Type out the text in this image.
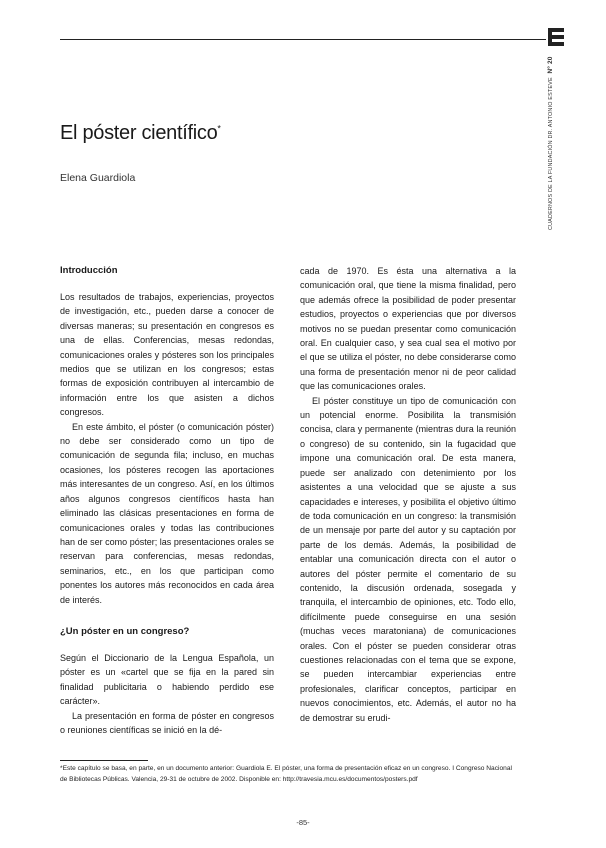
CUADERNOS DE LA FUNDACIÓN DR. ANTONIO ESTEVE Nº 20
El póster científico*
Elena Guardiola
Introducción

Los resultados de trabajos, experiencias, proyectos de investigación, etc., pueden darse a conocer de diversas maneras; su presentación en congresos es una de ellas. Conferencias, mesas redondas, comunicaciones orales y pósteres son los principales medios que se utilizan en los congresos; estas formas de exposición contribuyen al intercambio de información entre los que asisten a dichos congresos.

En este ámbito, el póster (o comunicación póster) no debe ser considerado como un tipo de comunicación de segunda fila; incluso, en muchas ocasiones, los pósteres recogen las aportaciones más interesantes de un congreso. Así, en los últimos años algunos congresos científicos hasta han eliminado las clásicas presentaciones en forma de comunicaciones orales y todas las contribuciones han de ser como póster; las presentaciones orales se reservan para conferencias, mesas redondas, seminarios, etc., en los que participan como ponentes los autores más reconocidos en cada área de interés.

¿Un póster en un congreso?

Según el Diccionario de la Lengua Española, un póster es un «cartel que se fija en la pared sin finalidad publicitaria o habiendo perdido ese carácter».

La presentación en forma de póster en congresos o reuniones científicas se inició en la dé-

cada de 1970. Es ésta una alternativa a la comunicación oral, que tiene la misma finalidad, pero que además ofrece la posibilidad de poder presentar estudios, proyectos o experiencias que por diversos motivos no se puedan presentar como comunicación oral. En cualquier caso, y sea cual sea el motivo por el que se utiliza el póster, no debe considerarse como una forma de presentación menor ni de peor calidad que las comunicaciones orales.

El póster constituye un tipo de comunicación con un potencial enorme. Posibilita la transmisión concisa, clara y permanente (mientras dura la reunión o congreso) de su contenido, sin la fugacidad que impone una comunicación oral. De esta manera, puede ser analizado con detenimiento por los asistentes a una velocidad que se ajuste a sus capacidades e intereses, y posibilita el objetivo último de toda comunicación en un congreso: la transmisión de un mensaje por parte del autor y su captación por parte de los demás. Además, la posibilidad de entablar una comunicación directa con el autor o autores del póster permite el comentario de su contenido, la discusión ordenada, sosegada y tranquila, el intercambio de opiniones, etc. Todo ello, difícilmente puede conseguirse en una sesión (muchas veces maratoniana) de comunicaciones orales. Con el póster se pueden considerar otras cuestiones relacionadas con el tema que se expone, se pueden intercambiar experiencias entre profesionales, clarificar conceptos, participar en nuevos conocimientos, etc. Además, el autor no ha de demostrar su erudi-

*Este capítulo se basa, en parte, en un documento anterior: Guardiola E. El póster, una forma de presentación eficaz en un congreso. I Congreso Nacional de Bibliotecas Públicas. Valencia, 29-31 de octubre de 2002. Disponible en: http://travesia.mcu.es/documentos/posters.pdf
-85-
